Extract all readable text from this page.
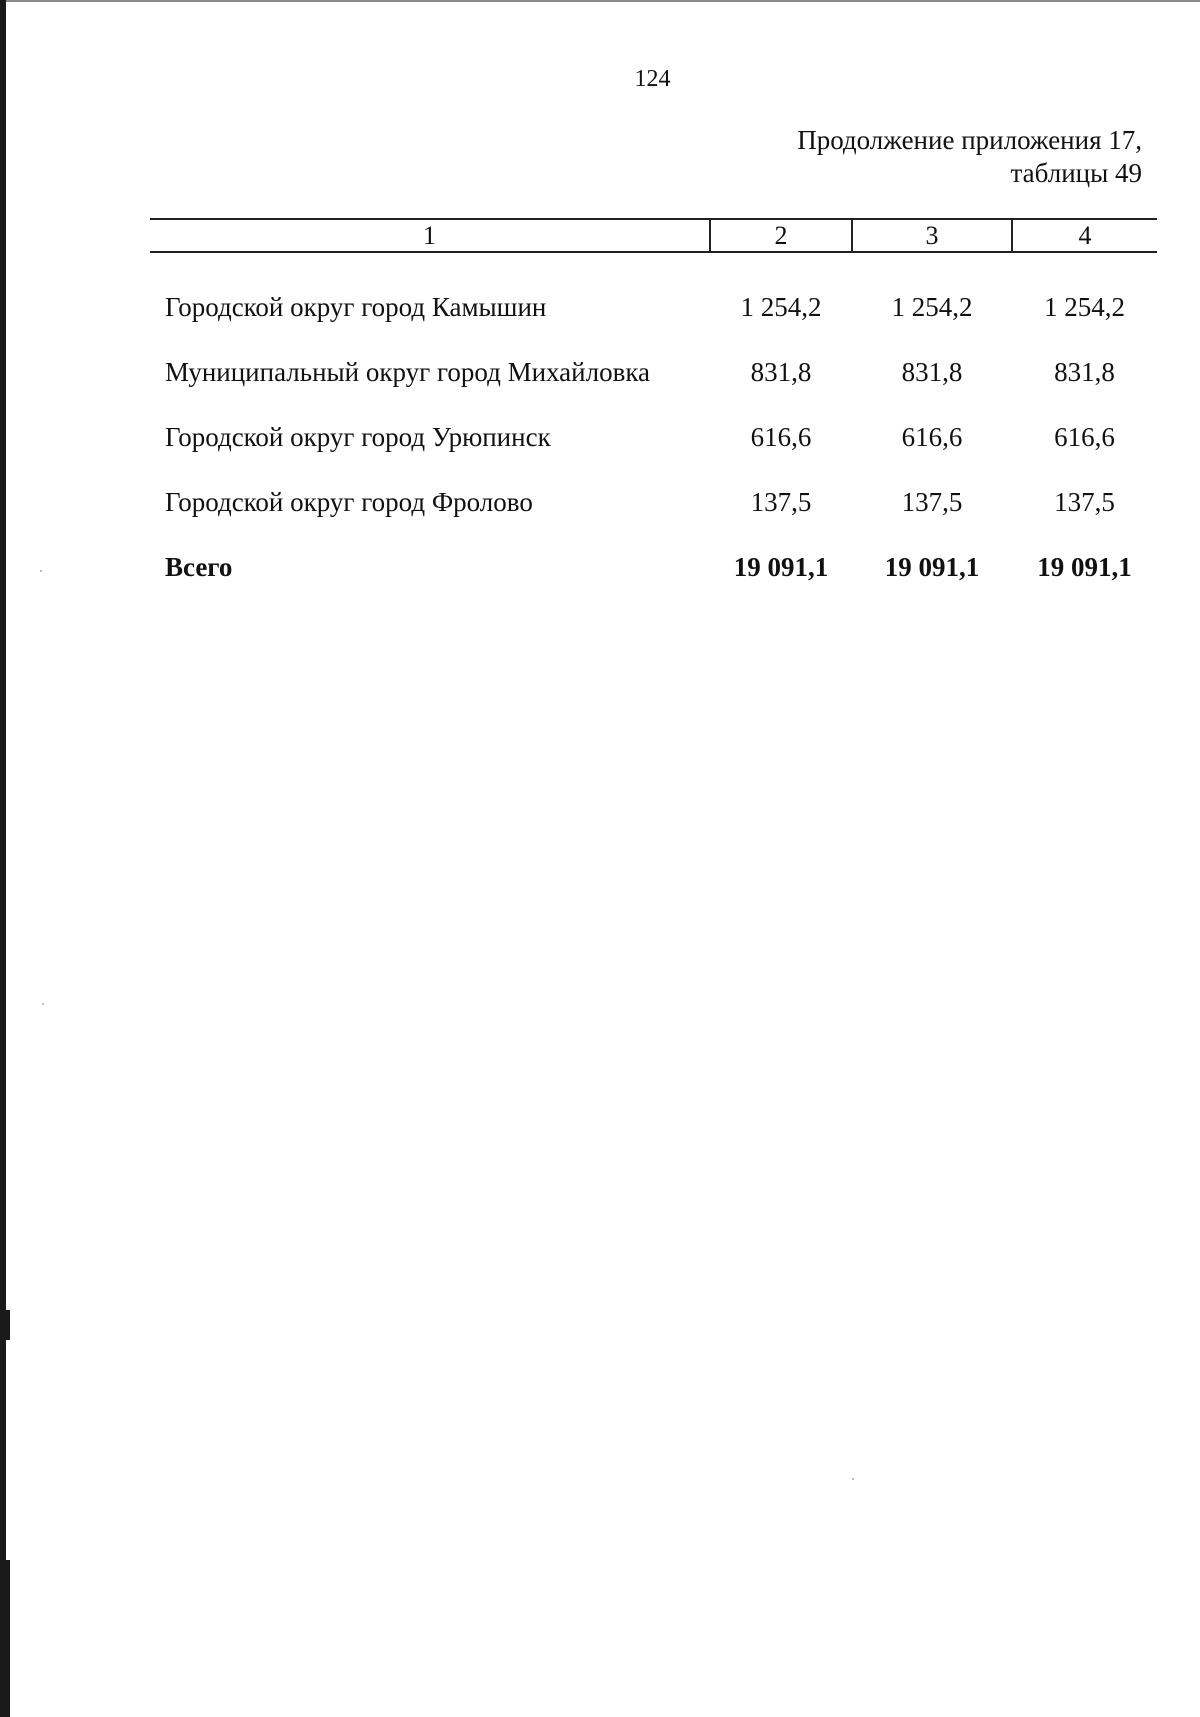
124
Продолжение приложения 17,
таблицы 49
1	2	3	4
Городской округ город Камышин	1 254,2	1 254,2	1 254,2
Муниципальный округ город Михайловка	831,8	831,8	831,8
Городской округ город Урюпинск	616,6	616,6	616,6
Городской округ город Фролово	137,5	137,5	137,5
Всего	19 091,1	19 091,1	19 091,1
